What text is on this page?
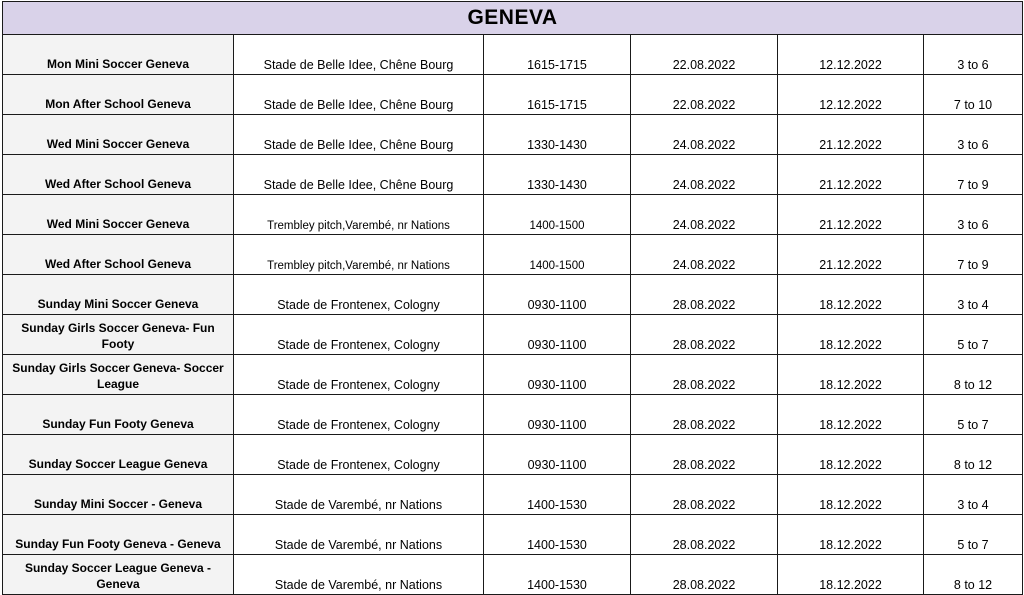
GENEVA					
Mon Mini Soccer Geneva	Stade de Belle Idee, Chêne Bourg	1615-1715	22.08.2022	12.12.2022	3 to 6
Mon After School Geneva	Stade de Belle Idee, Chêne Bourg	1615-1715	22.08.2022	12.12.2022	7 to 10
Wed Mini Soccer Geneva	Stade de Belle Idee, Chêne Bourg	1330-1430	24.08.2022	21.12.2022	3 to 6
Wed After School Geneva	Stade de Belle Idee, Chêne Bourg	1330-1430	24.08.2022	21.12.2022	7 to 9
Wed Mini Soccer Geneva	Trembley pitch,Varembé, nr Nations	1400-1500	24.08.2022	21.12.2022	3 to 6
Wed After School Geneva	Trembley pitch,Varembé, nr Nations	1400-1500	24.08.2022	21.12.2022	7 to 9
Sunday Mini Soccer Geneva	Stade de Frontenex, Cologny	0930-1100	28.08.2022	18.12.2022	3 to 4
Sunday Girls Soccer Geneva- Fun Footy	Stade de Frontenex, Cologny	0930-1100	28.08.2022	18.12.2022	5 to 7
Sunday Girls Soccer Geneva- Soccer League	Stade de Frontenex, Cologny	0930-1100	28.08.2022	18.12.2022	8 to 12
Sunday Fun Footy Geneva	Stade de Frontenex, Cologny	0930-1100	28.08.2022	18.12.2022	5 to 7
Sunday Soccer League Geneva	Stade de Frontenex, Cologny	0930-1100	28.08.2022	18.12.2022	8 to 12
Sunday Mini Soccer - Geneva	Stade de Varembé, nr Nations	1400-1530	28.08.2022	18.12.2022	3 to 4
Sunday Fun Footy Geneva - Geneva	Stade de Varembé, nr Nations	1400-1530	28.08.2022	18.12.2022	5 to 7
Sunday Soccer League Geneva - Geneva	Stade de Varembé, nr Nations	1400-1530	28.08.2022	18.12.2022	8 to 12
